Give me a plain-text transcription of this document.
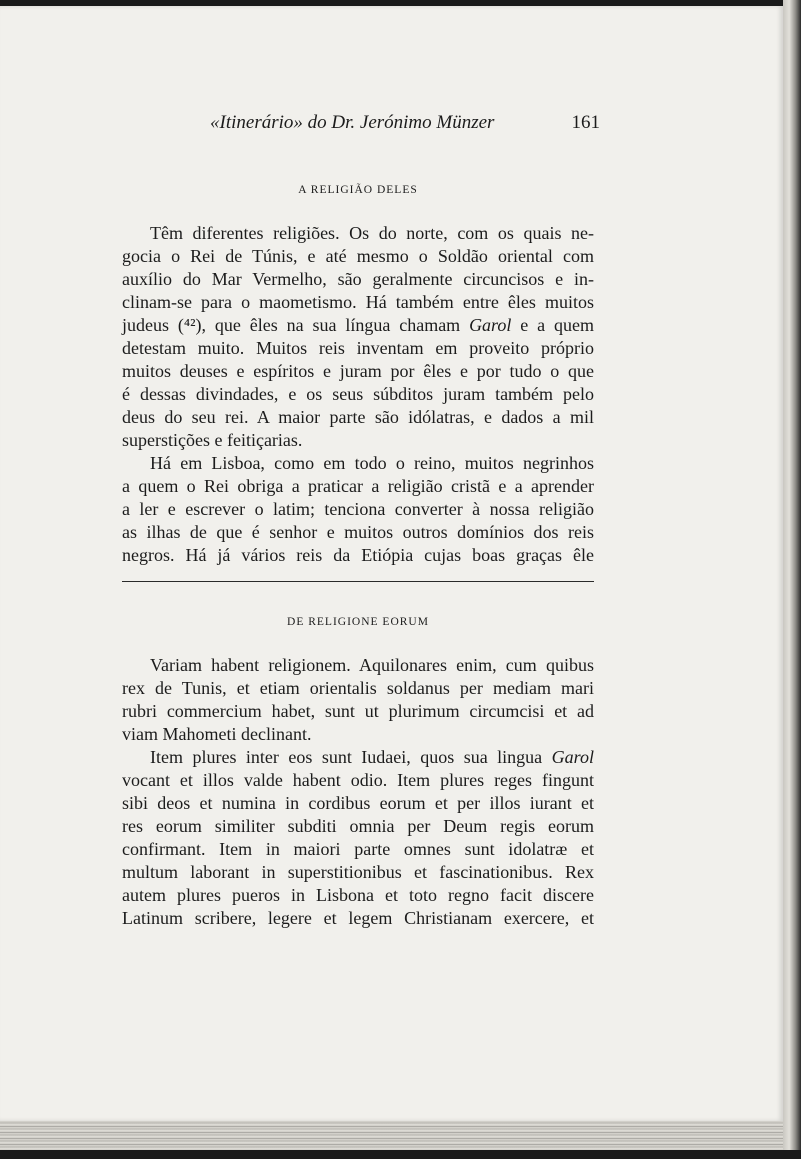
«Itinerário» do Dr. Jerónimo Münzer	161
A RELIGIÃO DELES
Têm diferentes religiões. Os do norte, com os quais ne-
gocia o Rei de Túnis, e até mesmo o Soldão oriental com
auxílio do Mar Vermelho, são geralmente circuncisos e in-
clinam-se para o maometismo. Há também entre êles muitos
judeus (⁴²), que êles na sua língua chamam Garol e a quem
detestam muito. Muitos reis inventam em proveito próprio
muitos deuses e espíritos e juram por êles e por tudo o que
é dessas divindades, e os seus súbditos juram também pelo
deus do seu rei. A maior parte são idólatras, e dados a mil
superstições e feitiçarias.
Há em Lisboa, como em todo o reino, muitos negrinhos
a quem o Rei obriga a praticar a religião cristã e a aprender
a ler e escrever o latim; tenciona converter à nossa religião
as ilhas de que é senhor e muitos outros domínios dos reis
negros. Há já vários reis da Etiópia cujas boas graças êle
DE RELIGIONE EORUM
Variam habent religionem. Aquilonares enim, cum quibus
rex de Tunis, et etiam orientalis soldanus per mediam mari
rubri commercium habet, sunt ut plurimum circumcisi et ad
viam Mahometi declinant.
Item plures inter eos sunt Iudaei, quos sua lingua Garol
vocant et illos valde habent odio. Item plures reges fingunt
sibi deos et numina in cordibus eorum et per illos iurant et
res eorum similiter subditi omnia per Deum regis eorum
confirmant. Item in maiori parte omnes sunt idolatræ et
multum laborant in superstitionibus et fascinationibus. Rex
autem plures pueros in Lisbona et toto regno facit discere
Latinum scribere, legere et legem Christianam exercere, et
